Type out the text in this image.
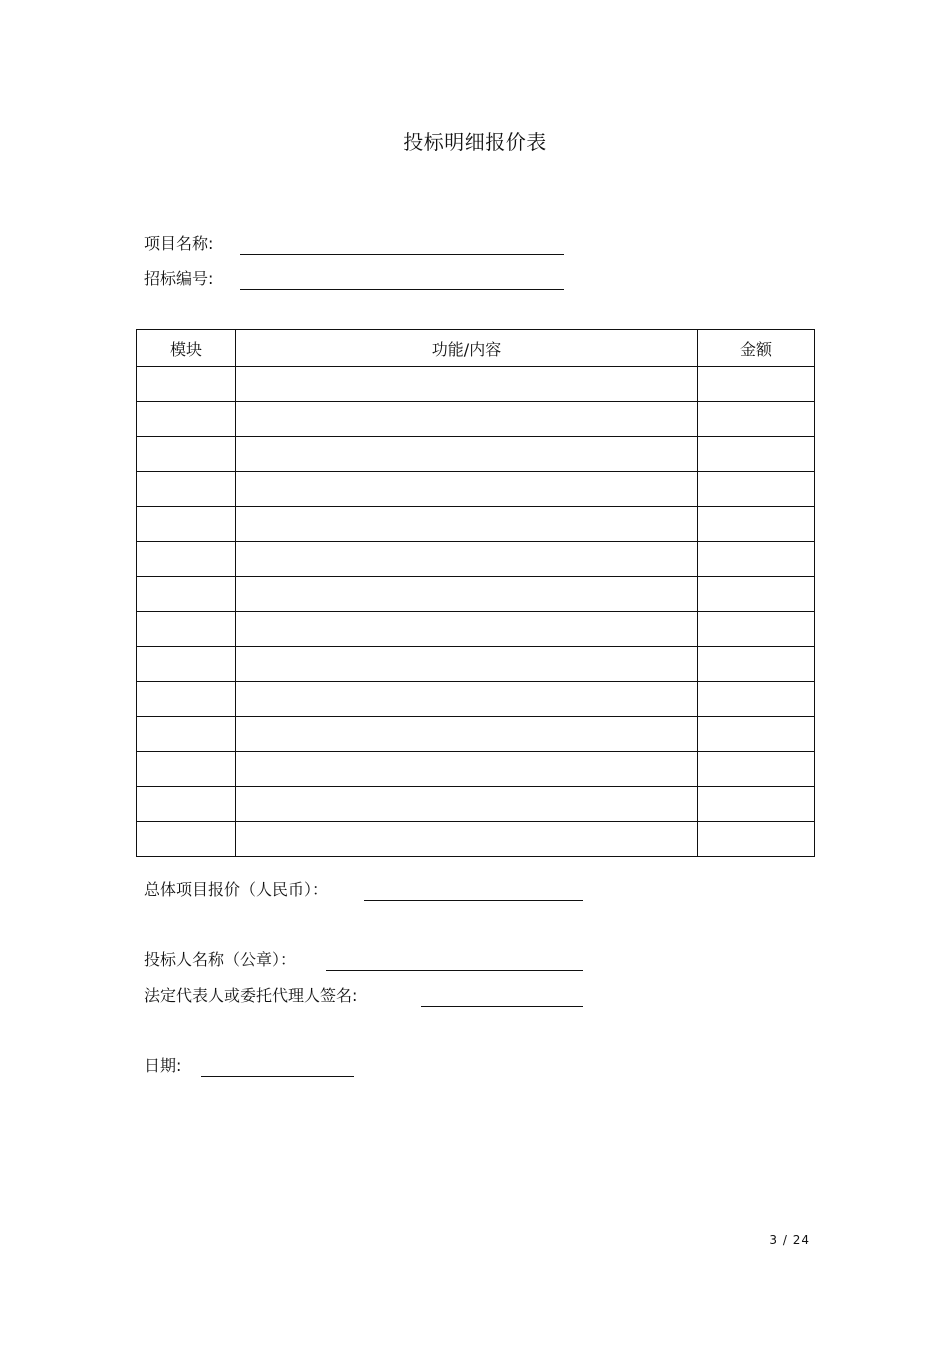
投标明细报价表
项目名称:
招标编号:
模块	功能/内容	金额

总体项目报价（人民币）：
投标人名称（公章）：
法定代表人或委托代理人签名:
日期:
3 / 24
